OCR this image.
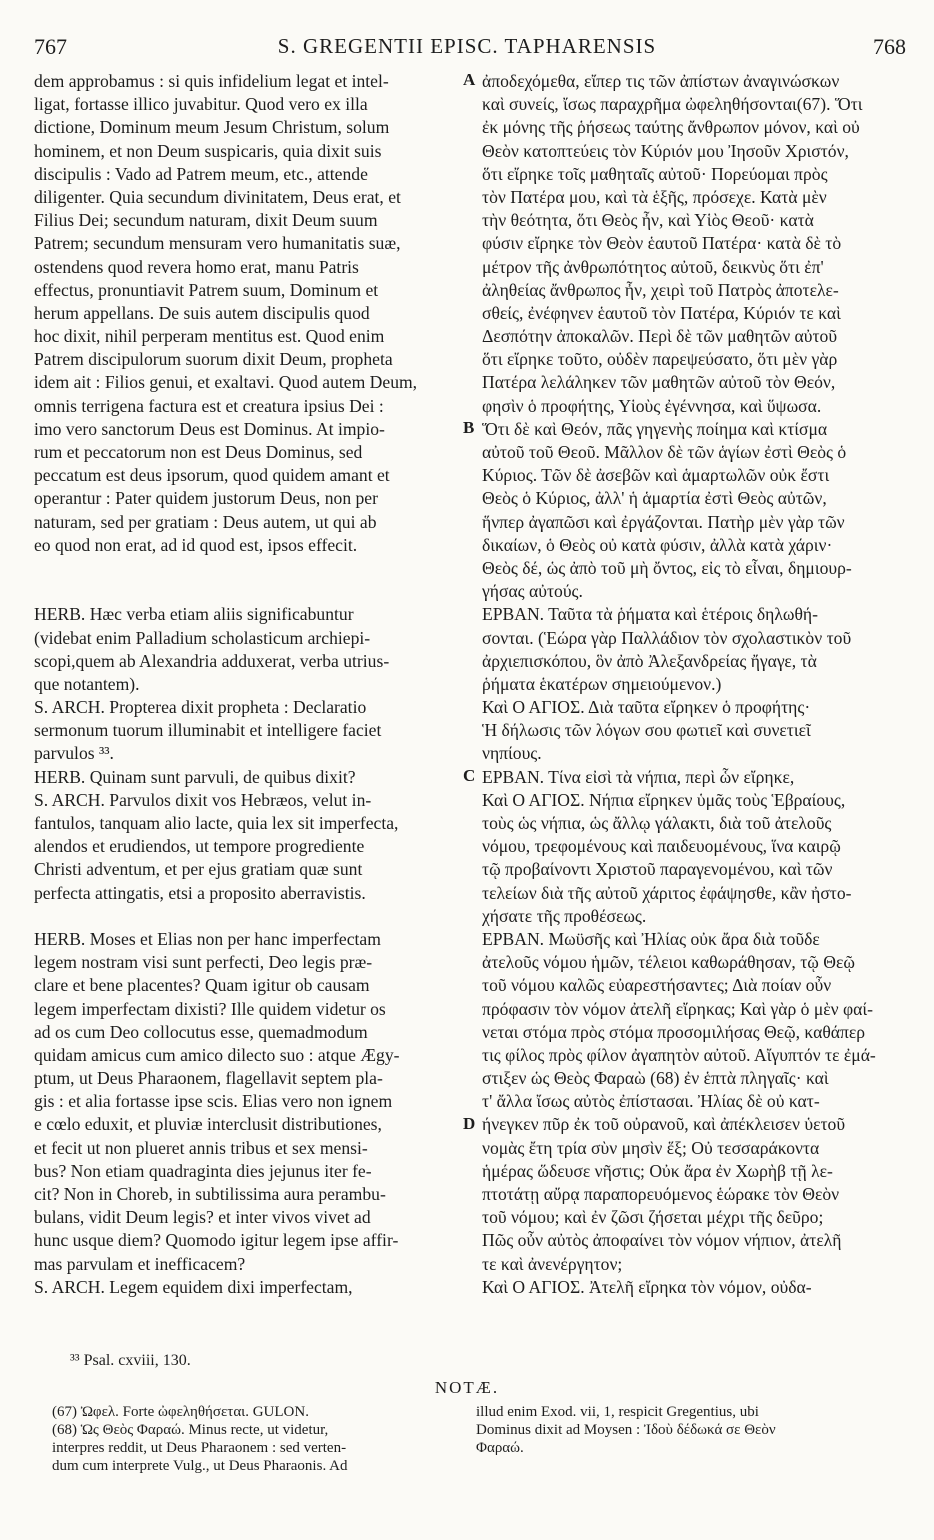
767	S. GREGENTII EPISC. TAPHARENSIS	768
dem approbamus : si quis infidelium legat et intel-
ligat, fortasse illico juvabitur. Quod vero ex illa
dictione, Dominum meum Jesum Christum, solum
hominem, et non Deum suspicaris, quia dixit suis
discipulis : Vado ad Patrem meum, etc., attende
diligenter. Quia secundum divinitatem, Deus erat, et
Filius Dei; secundum naturam, dixit Deum suum
Patrem; secundum mensuram vero humanitatis suæ,
ostendens quod revera homo erat, manu Patris
effectus, pronuntiavit Patrem suum, Dominum et
herum appellans. De suis autem discipulis quod
hoc dixit, nihil perperam mentitus est. Quod enim
Patrem discipulorum suorum dixit Deum, propheta
idem ait : Filios genui, et exaltavi. Quod autem Deum,
omnis terrigena factura est et creatura ipsius Dei :
imo vero sanctorum Deus est Dominus. At impio-
rum et peccatorum non est Deus Dominus, sed
peccatum est deus ipsorum, quod quidem amant et
operantur : Pater quidem justorum Deus, non per
naturam, sed per gratiam : Deus autem, ut qui ab
eo quod non erat, ad id quod est, ipsos effecit.
HERB. Hæc verba etiam aliis significabuntur
(videbat enim Palladium scholasticum archiepi-
scopi,quem ab Alexandria adduxerat, verba utrius-
que notantem).
S. ARCH. Propterea dixit propheta : Declaratio
sermonum tuorum illuminabit et intelligere faciet
parvulos ³³.
HERB. Quinam sunt parvuli, de quibus dixit?
S. ARCH. Parvulos dixit vos Hebræos, velut in-
fantulos, tanquam alio lacte, quia lex sit imperfecta,
alendos et erudiendos, ut tempore progrediente
Christi adventum, et per ejus gratiam quæ sunt
perfecta attingatis, etsi a proposito aberravistis.
HERB. Moses et Elias non per hanc imperfectam
legem nostram visi sunt perfecti, Deo legis præ-
clare et bene placentes? Quam igitur ob causam
legem imperfectam dixisti? Ille quidem videtur os
ad os cum Deo collocutus esse, quemadmodum
quidam amicus cum amico dilecto suo : atque Ægy-
ptum, ut Deus Pharaonem, flagellavit septem pla-
gis : et alia fortasse ipse scis. Elias vero non ignem
e cœlo eduxit, et pluviæ interclusit distributiones,
et fecit ut non plueret annis tribus et sex mensi-
bus? Non etiam quadraginta dies jejunus iter fe-
cit? Non in Choreb, in subtilissima aura perambu-
bulans, vidit Deum legis? et inter vivos vivet ad
hunc usque diem? Quomodo igitur legem ipse affir-
mas parvulam et inefficacem?
S. ARCH. Legem equidem dixi imperfectam,
ἀποδεχόμεθα, εἴπερ τις τῶν ἀπίστων ἀναγινώσκων
καὶ συνείς, ἴσως παραχρῆμα ὠφεληθήσονται(67). Ὅτι
ἐκ μόνης τῆς ῥήσεως ταύτης ἄνθρωπον μόνον, καὶ οὐ
Θεὸν κατοπτεύεις τὸν Κύριόν μου Ἰησοῦν Χριστόν,
ὅτι εἴρηκε τοῖς μαθηταῖς αὐτοῦ· Πορεύομαι πρὸς
τὸν Πατέρα μου, καὶ τὰ ἑξῆς, πρόσεχε. Κατὰ μὲν
τὴν θεότητα, ὅτι Θεὸς ἦν, καὶ Υἱὸς Θεοῦ· κατὰ
φύσιν εἴρηκε τὸν Θεὸν ἑαυτοῦ Πατέρα· κατὰ δὲ τὸ
μέτρον τῆς ἀνθρωπότητος αὐτοῦ, δεικνὺς ὅτι ἐπ'
ἀληθείας ἄνθρωπος ἦν, χειρὶ τοῦ Πατρὸς ἀποτελε-
σθείς, ἐνέφηνεν ἑαυτοῦ τὸν Πατέρα, Κύριόν τε καὶ
Δεσπότην ἀποκαλῶν. Περὶ δὲ τῶν μαθητῶν αὐτοῦ
ὅτι εἴρηκε τοῦτο, οὐδὲν παρεψεύσατο, ὅτι μὲν γὰρ
Πατέρα λελάληκεν τῶν μαθητῶν αὐτοῦ τὸν Θεόν,
φησὶν ὁ προφήτης, Υἱοὺς ἐγέννησα, καὶ ὕψωσα.
Ὅτι δὲ καὶ Θεόν, πᾶς γηγενὴς ποίημα καὶ κτίσμα
αὐτοῦ τοῦ Θεοῦ. Μᾶλλον δὲ τῶν ἁγίων ἐστὶ Θεὸς ὁ
Κύριος. Τῶν δὲ ἀσεβῶν καὶ ἁμαρτωλῶν οὐκ ἔστι
Θεὸς ὁ Κύριος, ἀλλ' ἡ ἁμαρτία ἐστὶ Θεὸς αὐτῶν,
ἥνπερ ἀγαπῶσι καὶ ἐργάζονται. Πατὴρ μὲν γὰρ τῶν
δικαίων, ὁ Θεὸς οὐ κατὰ φύσιν, ἀλλὰ κατὰ χάριν·
Θεὸς δέ, ὡς ἀπὸ τοῦ μὴ ὄντος, εἰς τὸ εἶναι, δημιουρ-
γήσας αὐτούς.
ΕΡΒΑΝ. Ταῦτα τὰ ῥήματα καὶ ἑτέροις δηλωθή-
σονται. (Ἑώρα γὰρ Παλλάδιον τὸν σχολαστικὸν τοῦ
ἀρχιεπισκόπου, ὃν ἀπὸ Ἀλεξανδρείας ἤγαγε, τὰ
ῥήματα ἑκατέρων σημειούμενον.)
Καὶ Ο ΑΓΙΟΣ. Διὰ ταῦτα εἴρηκεν ὁ προφήτης·
Ἡ δήλωσις τῶν λόγων σου φωτιεῖ καὶ συνετιεῖ
νηπίους.
ΕΡΒΑΝ. Τίνα εἰσὶ τὰ νήπια, περὶ ὧν εἴρηκε,
Καὶ Ο ΑΓΙΟΣ. Νήπια εἴρηκεν ὑμᾶς τοὺς Ἑβραίους,
τοὺς ὡς νήπια, ὡς ἄλλῳ γάλακτι, διὰ τοῦ ἀτελοῦς
νόμου, τρεφομένους καὶ παιδευομένους, ἵνα καιρῷ
τῷ προβαίνοντι Χριστοῦ παραγενομένου, καὶ τῶν
τελείων διὰ τῆς αὐτοῦ χάριτος ἐφάψησθε, κἂν ἠστο-
χήσατε τῆς προθέσεως.
ΕΡΒΑΝ. Μωϋσῆς καὶ Ἠλίας οὐκ ἄρα διὰ τοῦδε
ἀτελοῦς νόμου ἡμῶν, τέλειοι καθωράθησαν, τῷ Θεῷ
τοῦ νόμου καλῶς εὐαρεστήσαντες; Διὰ ποίαν οὖν
πρόφασιν τὸν νόμον ἀτελῆ εἴρηκας; Καὶ γὰρ ὁ μὲν φαί-
νεται στόμα πρὸς στόμα προσομιλήσας Θεῷ, καθάπερ
τις φίλος πρὸς φίλον ἀγαπητὸν αὐτοῦ. Αἴγυπτόν τε ἐμά-
στιξεν ὡς Θεὸς Φαραὼ (68) ἐν ἑπτὰ πληγαῖς· καὶ
τ' ἄλλα ἴσως αὐτὸς ἐπίστασαι. Ἠλίας δὲ οὐ κατ-
ήνεγκεν πῦρ ἐκ τοῦ οὐρανοῦ, καὶ ἀπέκλεισεν ὑετοῦ
νομὰς ἔτη τρία σὺν μησὶν ἕξ; Οὐ τεσσαράκοντα
ἡμέρας ὥδευσε νῆστις; Οὐκ ἄρα ἐν Χωρὴβ τῇ λε-
πτοτάτῃ αὔρᾳ παραπορευόμενος ἑώρακε τὸν Θεὸν
τοῦ νόμου; καὶ ἐν ζῶσι ζήσεται μέχρι τῆς δεῦρο;
Πῶς οὖν αὐτὸς ἀποφαίνει τὸν νόμον νήπιον, ἀτελῆ
τε καὶ ἀνενέργητον;
Καὶ Ο ΑΓΙΟΣ. Ἀτελῆ εἴρηκα τὸν νόμον, οὐδα-
A
B
C
D
³³ Psal. cxviii, 130.
NOTÆ.
(67) Ὠφελ. Forte ὠφεληθήσεται. GULON.
(68) Ὡς Θεὸς Φαραώ. Minus recte, ut videtur,
interpres reddit, ut Deus Pharaonem : sed verten-
dum cum interprete Vulg., ut Deus Pharaonis. Ad
illud enim Exod. vii, 1, respicit Gregentius, ubi
Dominus dixit ad Moysen : Ἰδοὺ δέδωκά σε Θεὸν
Φαραώ.
